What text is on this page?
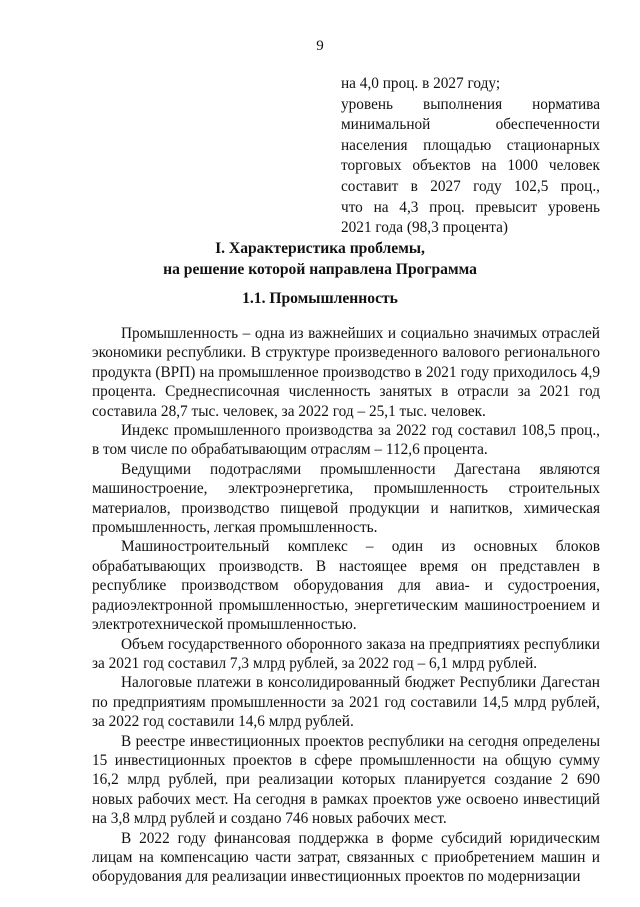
9
на 4,0 проц. в 2027 году;
уровень выполнения норматива
минимальной обеспеченности
населения площадью стационарных
торговых объектов на 1000 человек
составит в 2027 году 102,5 проц.,
что на 4,3 проц. превысит уровень
2021 года (98,3 процента)
I. Характеристика проблемы,
на решение которой направлена Программа
1.1. Промышленность

Промышленность – одна из важнейших и социально значимых отраслей экономики республики. В структуре произведенного валового регионального продукта (ВРП) на промышленное производство в 2021 году приходилось 4,9 процента. Среднесписочная численность занятых в отрасли за 2021 год составила 28,7 тыс. человек, за 2022 год – 25,1 тыс. человек.

Индекс промышленного производства за 2022 год составил 108,5 проц., в том числе по обрабатывающим отраслям – 112,6 процента.

Ведущими подотраслями промышленности Дагестана являются машиностроение, электроэнергетика, промышленность строительных материалов, производство пищевой продукции и напитков, химическая промышленность, легкая промышленность.

Машиностроительный комплекс – один из основных блоков обрабатывающих производств. В настоящее время он представлен в республике производством оборудования для авиа- и судостроения, радиоэлектронной промышленностью, энергетическим машиностроением и электротехнической промышленностью.

Объем государственного оборонного заказа на предприятиях республики за 2021 год составил 7,3 млрд рублей, за 2022 год – 6,1 млрд рублей.

Налоговые платежи в консолидированный бюджет Республики Дагестан по предприятиям промышленности за 2021 год составили 14,5 млрд рублей, за 2022 год составили 14,6 млрд рублей.

В реестре инвестиционных проектов республики на сегодня определены 15 инвестиционных проектов в сфере промышленности на общую сумму 16,2 млрд рублей, при реализации которых планируется создание 2 690 новых рабочих мест. На сегодня в рамках проектов уже освоено инвестиций на 3,8 млрд рублей и создано 746 новых рабочих мест.

В 2022 году финансовая поддержка в форме субсидий юридическим лицам на компенсацию части затрат, связанных с приобретением машин и оборудования для реализации инвестиционных проектов по модернизации
